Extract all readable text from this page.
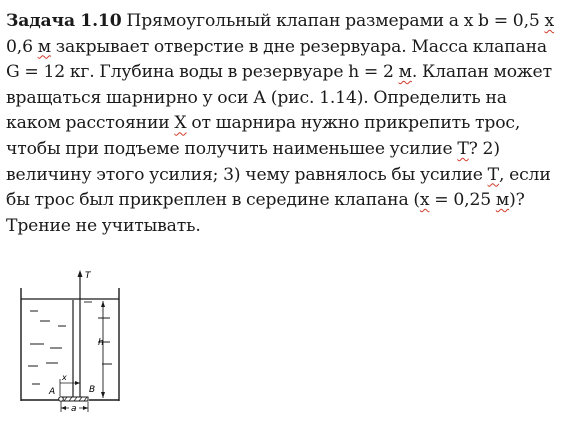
Задача 1.10 Прямоугольный клапан размерами a x b = 0,5 х 0,6 м закрывает отверстие в дне резервуара. Масса клапана G = 12 кг. Глубина воды в резервуаре h = 2 м. Клапан может вращаться шарнирно у оси А (рис. 1.14). Определить на каком расстоянии Х от шарнира нужно прикрепить трос, чтобы при подъеме получить наименьшее усилие Т? 2) величину этого усилия; 3) чему равнялось бы усилие Т, если бы трос был прикреплен в середине клапана (х = 0,25 м)? Трение не учитывать.
T
h
x
A	B
a
